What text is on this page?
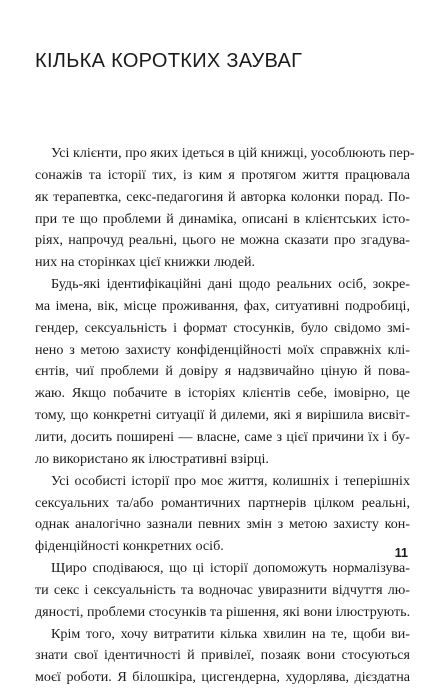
КІЛЬКА КОРОТКИХ ЗАУВАГ

Усі клієнти, про яких ідеться в цій книжці, уособлюють пер-
сонажів та історії тих, із ким я протягом життя працювала
як терапевтка, секс-педагогиня й авторка колонки порад. По-
при те що проблеми й динаміка, описані в клієнтських істо-
ріях, напрочуд реальні, цього не можна сказати про згадува-
них на сторінках цієї книжки людей.

Будь-які ідентифікаційні дані щодо реальних осіб, зокре-
ма імена, вік, місце проживання, фах, ситуативні подробиці,
гендер, сексуальність і формат стосунків, було свідомо змі-
нено з метою захисту конфіденційності моїх справжніх клі-
єнтів, чиї проблеми й довіру я надзвичайно ціную й пова-
жаю. Якщо побачите в історіях клієнтів себе, імовірно, це
тому, що конкретні ситуації й дилеми, які я вирішила висвіт-
лити, досить поширені — власне, саме з цієї причини їх і бу-
ло використано як ілюстративні взірці.

Усі особисті історії про моє життя, колишніх і теперішніх
сексуальних та/або романтичних партнерів цілком реальні,
однак аналогічно зазнали певних змін з метою захисту кон-
фіденційності конкретних осіб.

Щиро сподіваюся, що ці історії допоможуть нормалізува-
ти секс і сексуальність та водночас увиразнити відчуття лю-
дяності, проблеми стосунків та рішення, які вони ілюструють.

Крім того, хочу витратити кілька хвилин на те, щоби ви-
знати свої ідентичності й привілеї, позаяк вони стосуються
моєї роботи. Я білошкіра, цисгендерна, худорлява, дієздатна

11
